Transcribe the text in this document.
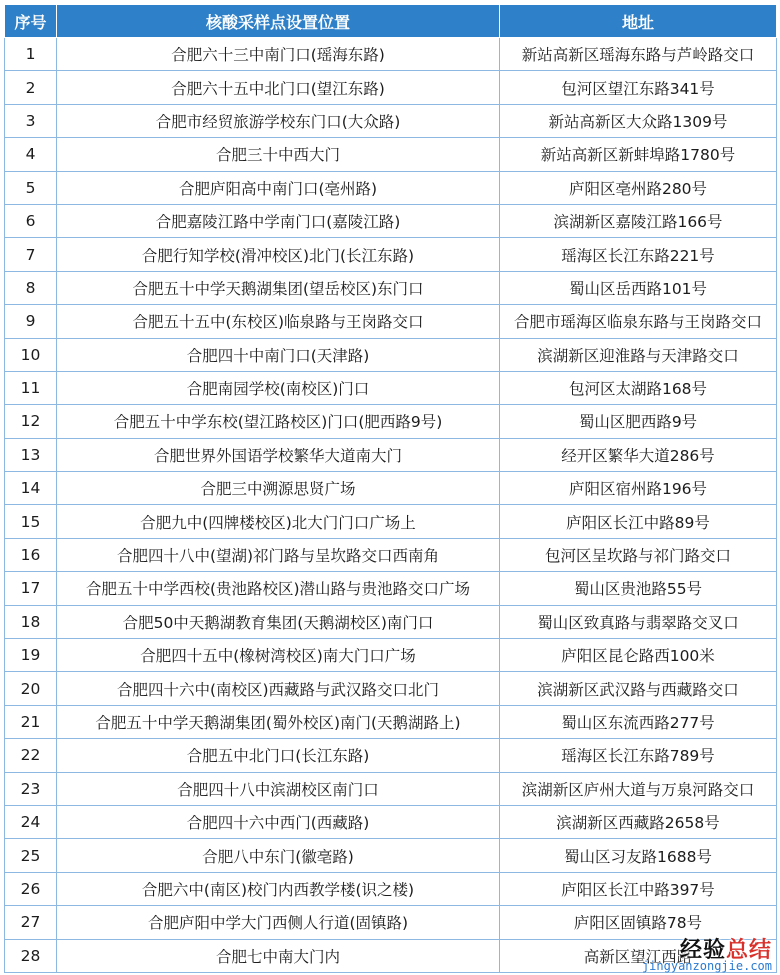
序号	核酸采样点设置位置	地址
1	合肥六十三中南门口(瑶海东路)	新站高新区瑶海东路与芦岭路交口
2	合肥六十五中北门口(望江东路)	包河区望江东路341号
3	合肥市经贸旅游学校东门口(大众路)	新站高新区大众路1309号
4	合肥三十中西大门	新站高新区新蚌埠路1780号
5	合肥庐阳高中南门口(亳州路)	庐阳区亳州路280号
6	合肥嘉陵江路中学南门口(嘉陵江路)	滨湖新区嘉陵江路166号
7	合肥行知学校(滑冲校区)北门(长江东路)	瑶海区长江东路221号
8	合肥五十中学天鹅湖集团(望岳校区)东门口	蜀山区岳西路101号
9	合肥五十五中(东校区)临泉路与王岗路交口	合肥市瑶海区临泉东路与王岗路交口
10	合肥四十中南门口(天津路)	滨湖新区迎淮路与天津路交口
11	合肥南园学校(南校区)门口	包河区太湖路168号
12	合肥五十中学东校(望江路校区)门口(肥西路9号)	蜀山区肥西路9号
13	合肥世界外国语学校繁华大道南大门	经开区繁华大道286号
14	合肥三中溯源思贤广场	庐阳区宿州路196号
15	合肥九中(四牌楼校区)北大门门口广场上	庐阳区长江中路89号
16	合肥四十八中(望湖)祁门路与呈坎路交口西南角	包河区呈坎路与祁门路交口
17	合肥五十中学西校(贵池路校区)潜山路与贵池路交口广场	蜀山区贵池路55号
18	合肥50中天鹅湖教育集团(天鹅湖校区)南门口	蜀山区致真路与翡翠路交叉口
19	合肥四十五中(橡树湾校区)南大门口广场	庐阳区昆仑路西100米
20	合肥四十六中(南校区)西藏路与武汉路交口北门	滨湖新区武汉路与西藏路交口
21	合肥五十中学天鹅湖集团(蜀外校区)南门(天鹅湖路上)	蜀山区东流西路277号
22	合肥五中北门口(长江东路)	瑶海区长江东路789号
23	合肥四十八中滨湖校区南门口	滨湖新区庐州大道与万泉河路交口
24	合肥四十六中西门(西藏路)	滨湖新区西藏路2658号
25	合肥八中东门(徽亳路)	蜀山区习友路1688号
26	合肥六中(南区)校门内西教学楼(识之楼)	庐阳区长江中路397号
27	合肥庐阳中学大门西侧人行道(固镇路)	庐阳区固镇路78号
28	合肥七中南大门内	高新区望江西路
经验总结
jingyanzongjie.com
